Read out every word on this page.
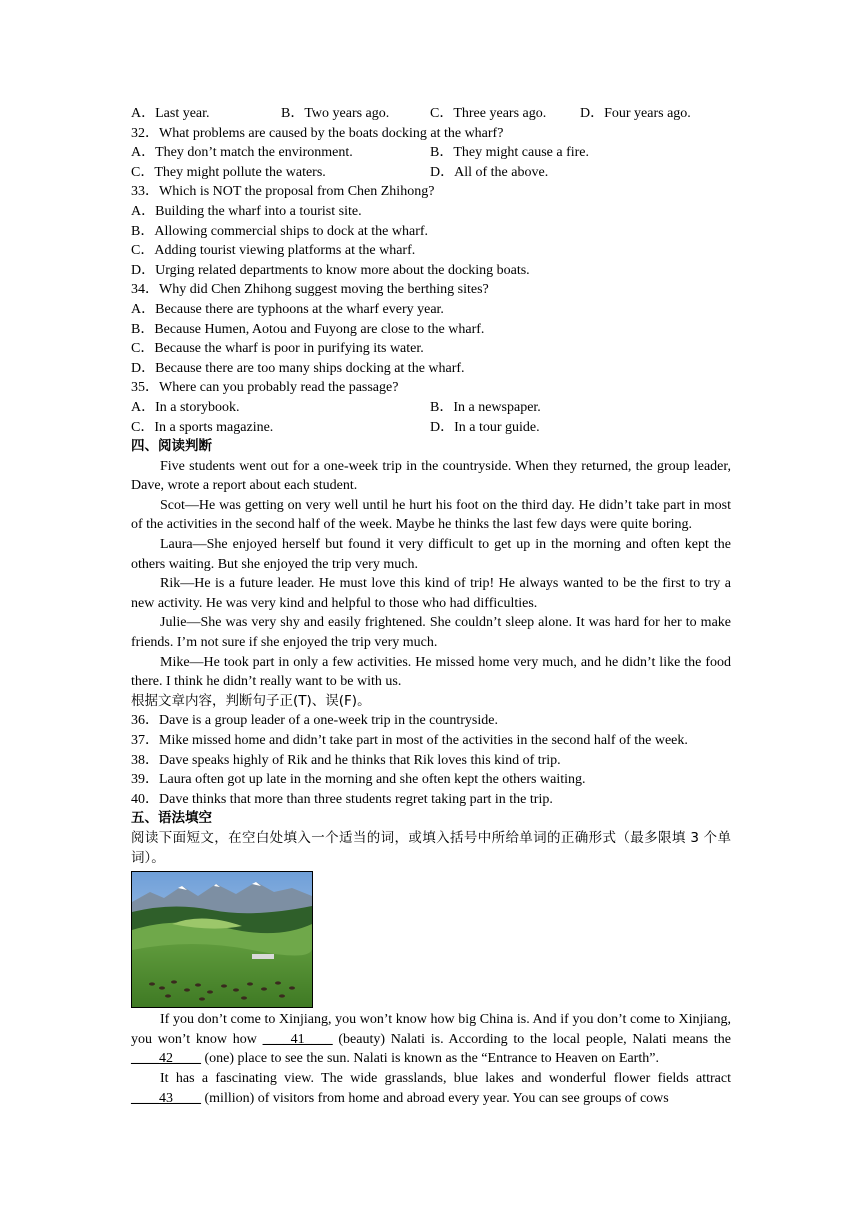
A．Last year.	B．Two years ago.	C．Three years ago.	D．Four years ago.
32．What problems are caused by the boats docking at the wharf?
A．They don’t match the environment.	B．They might cause a fire.
C．They might pollute the waters.	D．All of the above.
33．Which is NOT the proposal from Chen Zhihong?
A．Building the wharf into a tourist site.
B．Allowing commercial ships to dock at the wharf.
C．Adding tourist viewing platforms at the wharf.
D．Urging related departments to know more about the docking boats.
34．Why did Chen Zhihong suggest moving the berthing sites?
A．Because there are typhoons at the wharf every year.
B．Because Humen, Aotou and Fuyong are close to the wharf.
C．Because the wharf is poor in purifying its water.
D．Because there are too many ships docking at the wharf.
35．Where can you probably read the passage?
A．In a storybook.	B．In a newspaper.
C．In a sports magazine.	D．In a tour guide.
四、阅读判断
Five students went out for a one-week trip in the countryside. When they returned, the group leader, Dave, wrote a report about each student.
Scot—He was getting on very well until he hurt his foot on the third day. He didn’t take part in most of the activities in the second half of the week. Maybe he thinks the last few days were quite boring.
Laura—She enjoyed herself but found it very difficult to get up in the morning and often kept the others waiting. But she enjoyed the trip very much.
Rik—He is a future leader. He must love this kind of trip! He always wanted to be the first to try a new activity. He was very kind and helpful to those who had difficulties.
Julie—She was very shy and easily frightened. She couldn’t sleep alone. It was hard for her to make friends. I’m not sure if she enjoyed the trip very much.
Mike—He took part in only a few activities. He missed home very much, and he didn’t like the food there. I think he didn’t really want to be with us.
根据文章内容，判断句子正(T)、误(F)。
36．Dave is a group leader of a one-week trip in the countryside.
37．Mike missed home and didn’t take part in most of the activities in the second half of the week.
38．Dave speaks highly of Rik and he thinks that Rik loves this kind of trip.
39．Laura often got up late in the morning and she often kept the others waiting.
40．Dave thinks that more than three students regret taking part in the trip.
五、语法填空
阅读下面短文，在空白处填入一个适当的词，或填入括号中所给单词的正确形式（最多限填 3 个单词）。
If you don’t come to Xinjiang, you won’t know how big China is. And if you don’t come to Xinjiang, you won’t know how ____41____ (beauty) Nalati is. According to the local people, Nalati means the ____42____ (one) place to see the sun. Nalati is known as the “Entrance to Heaven on Earth”.
It has a fascinating view. The wide grasslands, blue lakes and wonderful flower fields attract ____43____ (million) of visitors from home and abroad every year. You can see groups of cows
